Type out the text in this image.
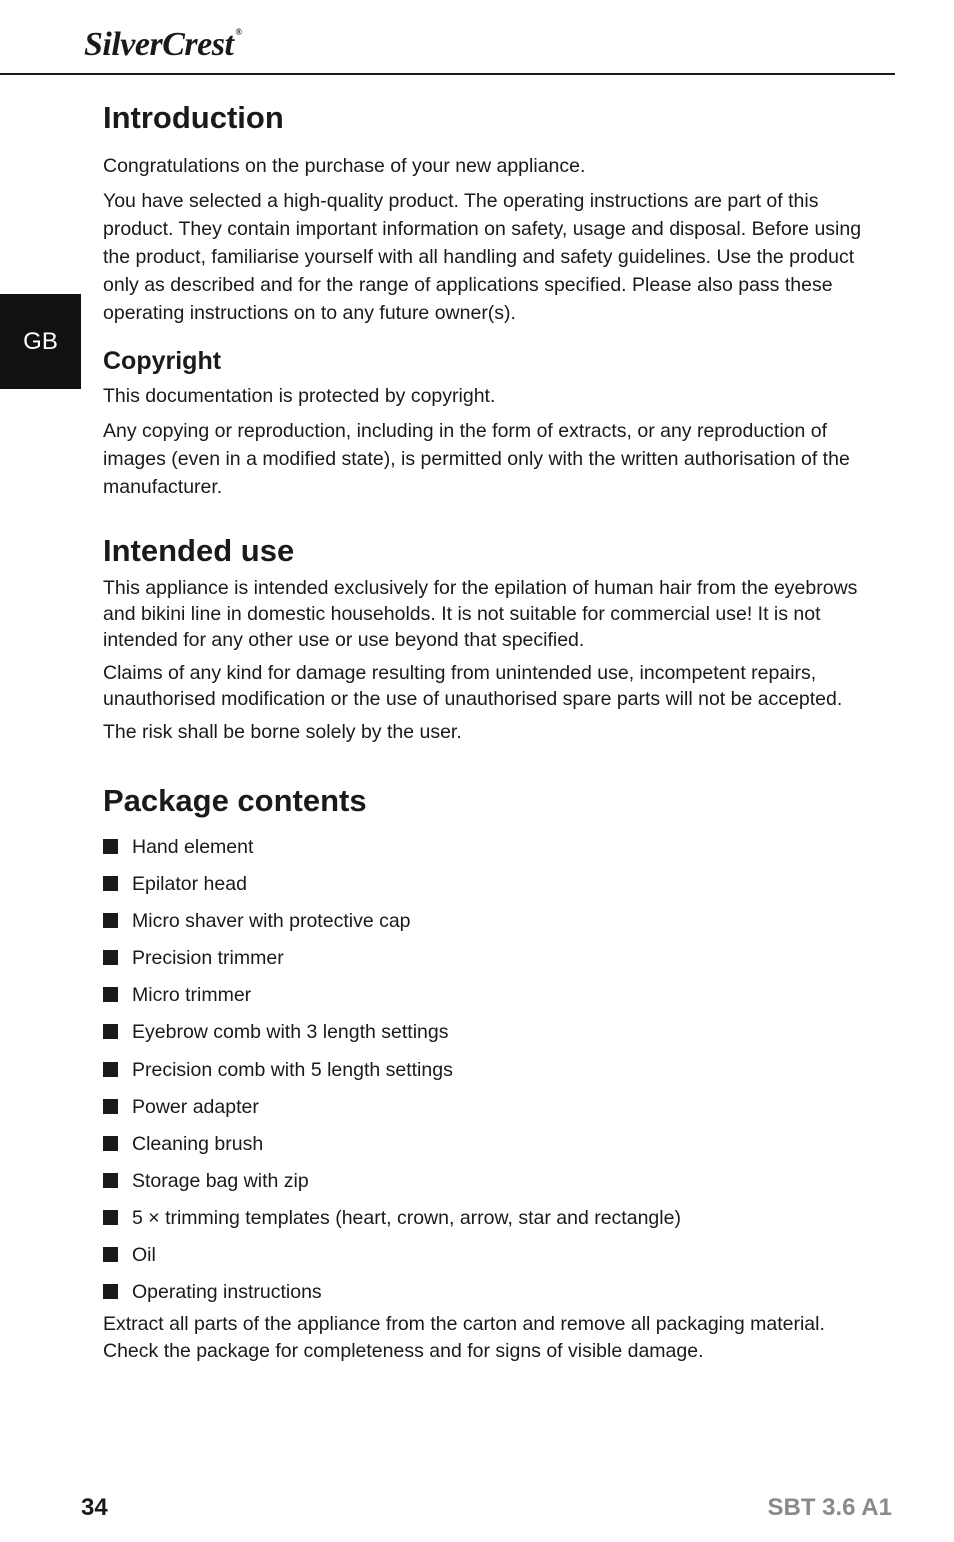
SilverCrest ®
GB
Introduction

Congratulations on the purchase of your new appliance.

You have selected a high-quality product. The operating instructions are part of this product. They contain important information on safety, usage and disposal. Before using the product, familiarise yourself with all handling and safety guidelines. Use the product only as described and for the range of applications specified. Please also pass these operating instructions on to any future owner(s).

Copyright

This documentation is protected by copyright.

Any copying or reproduction, including in the form of extracts, or any reproduction of images (even in a modified state), is permitted only with the written authorisation of the manufacturer.

Intended use

This appliance is intended exclusively for the epilation of human hair from the eyebrows and bikini line in domestic households. It is not suitable for commercial use! It is not intended for any other use or use beyond that specified.

Claims of any kind for damage resulting from unintended use, incompetent repairs, unauthorised modification or the use of unauthorised spare parts will not be accepted.

The risk shall be borne solely by the user.

Package contents
Hand element
Epilator head
Micro shaver with protective cap
Precision trimmer
Micro trimmer
Eyebrow comb with 3 length settings
Precision comb with 5 length settings
Power adapter
Cleaning brush
Storage bag with zip
5 × trimming templates (heart, crown, arrow, star and rectangle)
Oil
Operating instructions

Extract all parts of the appliance from the carton and remove all packaging material. Check the package for completeness and for signs of visible damage.

34	SBT 3.6 A1
